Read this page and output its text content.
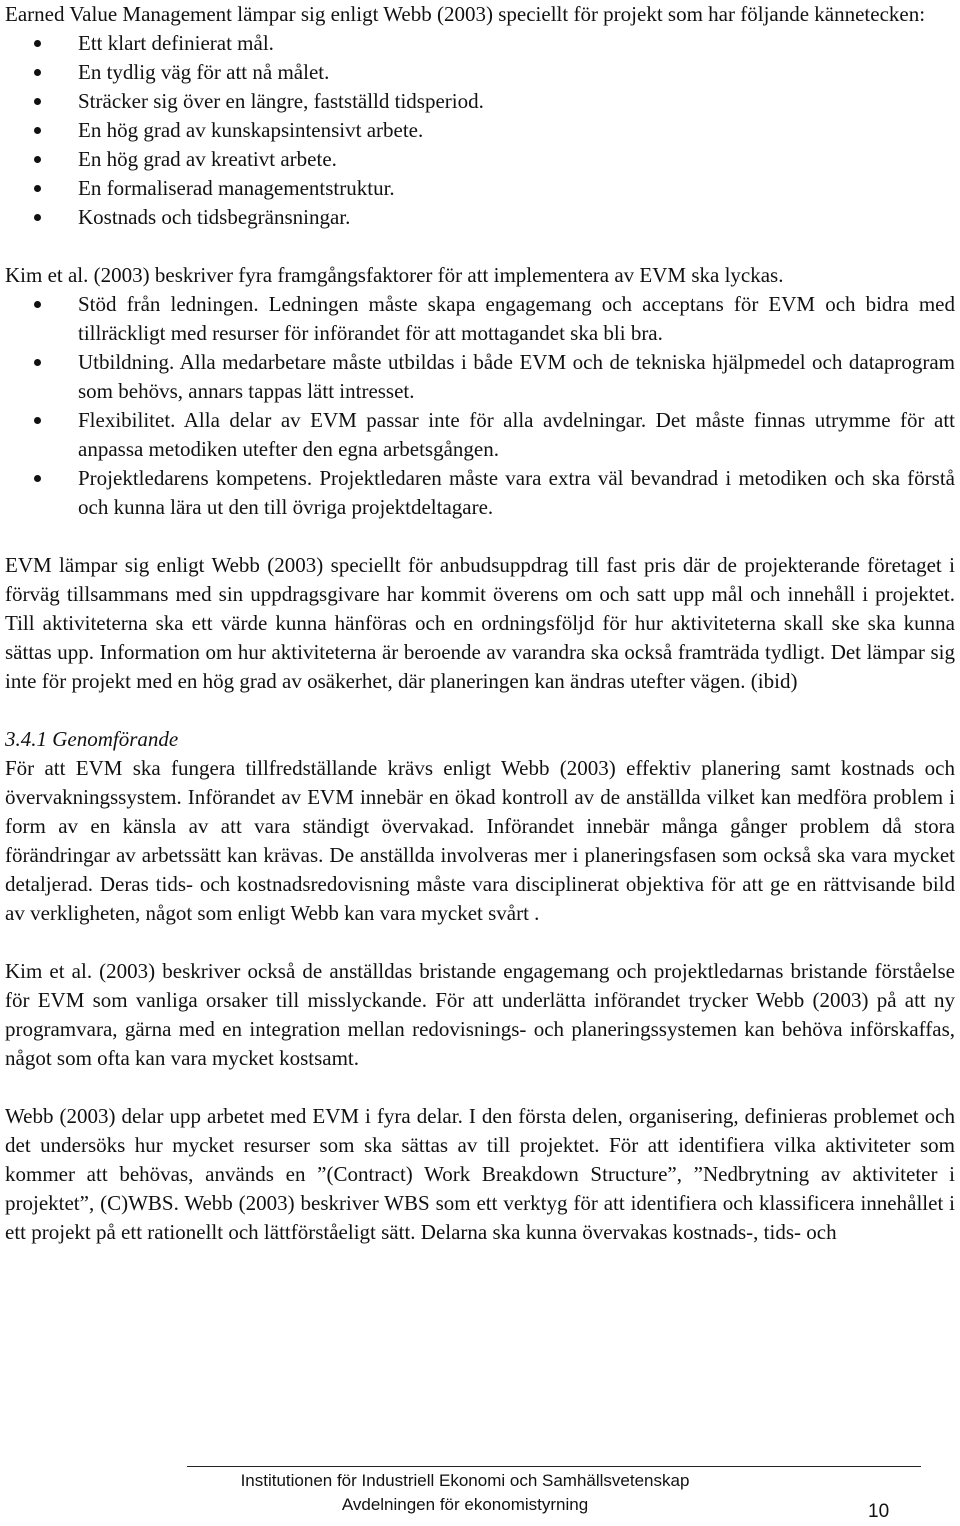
Earned Value Management lämpar sig enligt Webb (2003) speciellt för projekt som har följande kännetecken:

Ett klart definierat mål.
En tydlig väg för att nå målet.
Sträcker sig över en längre, fastställd tidsperiod.
En hög grad av kunskapsintensivt arbete.
En hög grad av kreativt arbete.
En formaliserad managementstruktur.
Kostnads och tidsbegränsningar.

Kim et al. (2003) beskriver fyra framgångsfaktorer för att implementera av EVM ska lyckas.

Stöd från ledningen. Ledningen måste skapa engagemang och acceptans för EVM och bidra med tillräckligt med resurser för införandet för att mottagandet ska bli bra.
Utbildning. Alla medarbetare måste utbildas i både EVM och de tekniska hjälpmedel och dataprogram som behövs, annars tappas lätt intresset.
Flexibilitet. Alla delar av EVM passar inte för alla avdelningar. Det måste finnas utrymme för att anpassa metodiken utefter den egna arbetsgången.
Projektledarens kompetens. Projektledaren måste vara extra väl bevandrad i metodiken och ska förstå och kunna lära ut den till övriga projektdeltagare.

EVM lämpar sig enligt Webb (2003) speciellt för anbudsuppdrag till fast pris där de projekterande företaget i förväg tillsammans med sin uppdragsgivare har kommit överens om och satt upp mål och innehåll i projektet. Till aktiviteterna ska ett värde kunna hänföras och en ordningsföljd för hur aktiviteterna skall ske ska kunna sättas upp. Information om hur aktiviteterna är beroende av varandra ska också framträda tydligt. Det lämpar sig inte för projekt med en hög grad av osäkerhet, där planeringen kan ändras utefter vägen. (ibid)

3.4.1 Genomförande

För att EVM ska fungera tillfredställande krävs enligt Webb (2003) effektiv planering samt kostnads och övervakningssystem. Införandet av EVM innebär en ökad kontroll av de anställda vilket kan medföra problem i form av en känsla av att vara ständigt övervakad. Införandet innebär många gånger problem då stora förändringar av arbetssätt kan krävas. De anställda involveras mer i planeringsfasen som också ska vara mycket detaljerad. Deras tids- och kostnadsredovisning måste vara disciplinerat objektiva för att ge en rättvisande bild av verkligheten, något som enligt Webb kan vara mycket svårt .

Kim et al. (2003) beskriver också de anställdas bristande engagemang och projektledarnas bristande förståelse för EVM som vanliga orsaker till misslyckande. För att underlätta införandet trycker Webb (2003) på att ny programvara, gärna med en integration mellan redovisnings- och planeringssystemen kan behöva införskaffas, något som ofta kan vara mycket kostsamt.

Webb (2003) delar upp arbetet med EVM i fyra delar. I den första delen, organisering, definieras problemet och det undersöks hur mycket resurser som ska sättas av till projektet. För att identifiera vilka aktiviteter som kommer att behövas, används en ”(Contract) Work Breakdown Structure”, ”Nedbrytning av aktiviteter i projektet”, (C)WBS. Webb (2003) beskriver WBS som ett verktyg för att identifiera och klassificera innehållet i ett projekt på ett rationellt och lättförståeligt sätt. Delarna ska kunna övervakas kostnads-, tids- och

Institutionen för Industriell Ekonomi och Samhällsvetenskap
Avdelningen för ekonomistyrning	10
